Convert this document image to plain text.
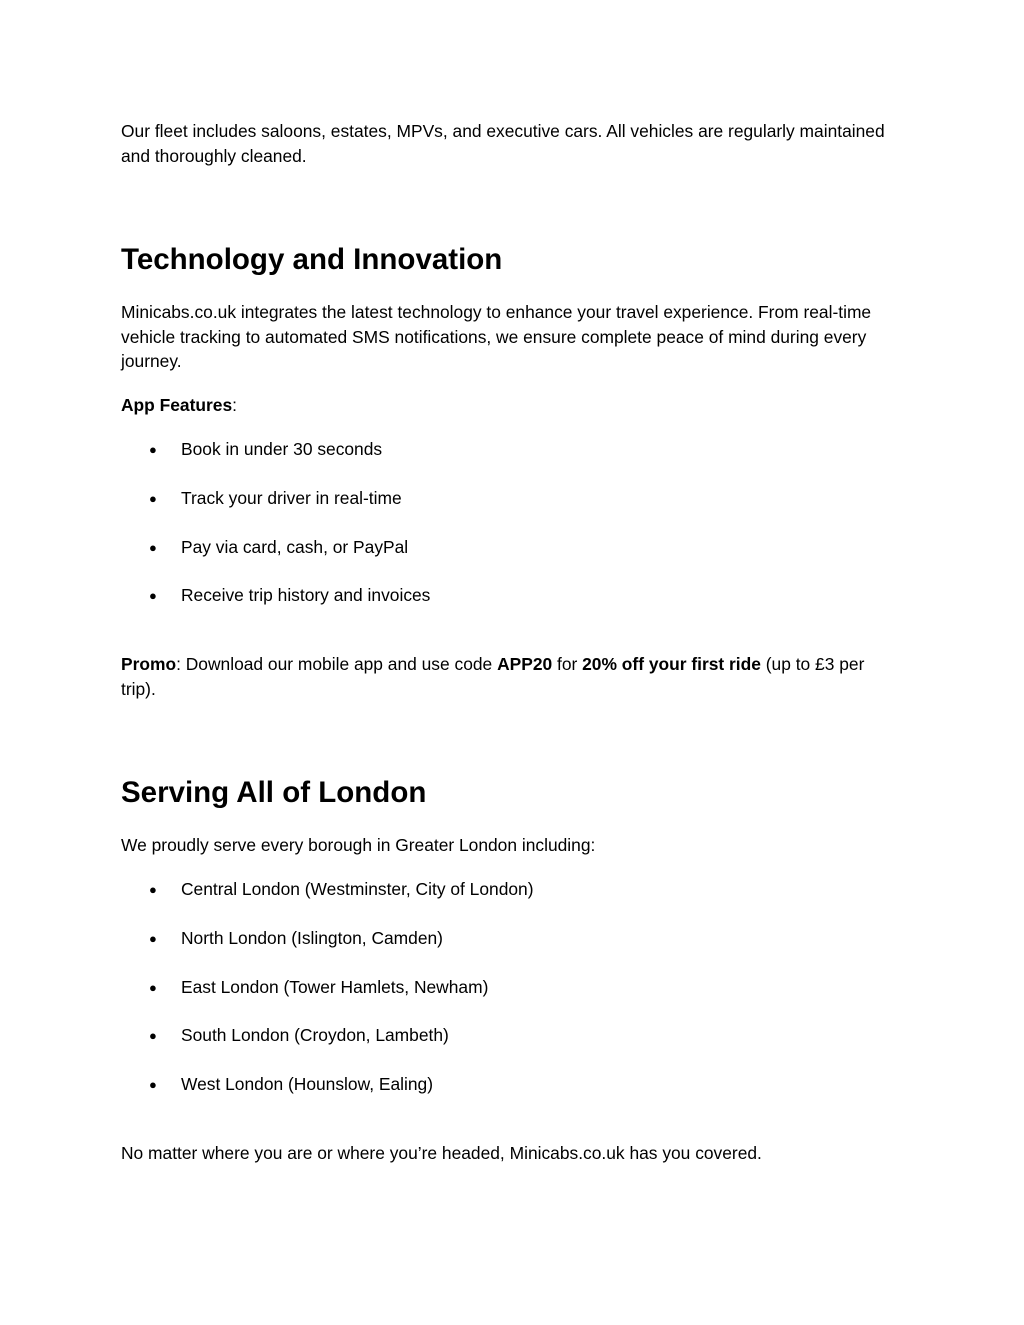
Our fleet includes saloons, estates, MPVs, and executive cars. All vehicles are regularly maintained and thoroughly cleaned.

Technology and Innovation

Minicabs.co.uk integrates the latest technology to enhance your travel experience. From real-time vehicle tracking to automated SMS notifications, we ensure complete peace of mind during every journey.

App Features:

● Book in under 30 seconds

● Track your driver in real-time

● Pay via card, cash, or PayPal

● Receive trip history and invoices

Promo: Download our mobile app and use code APP20 for 20% off your first ride (up to £3 per trip).

Serving All of London

We proudly serve every borough in Greater London including:

● Central London (Westminster, City of London)

● North London (Islington, Camden)

● East London (Tower Hamlets, Newham)

● South London (Croydon, Lambeth)

● West London (Hounslow, Ealing)

No matter where you are or where you’re headed, Minicabs.co.uk has you covered.
